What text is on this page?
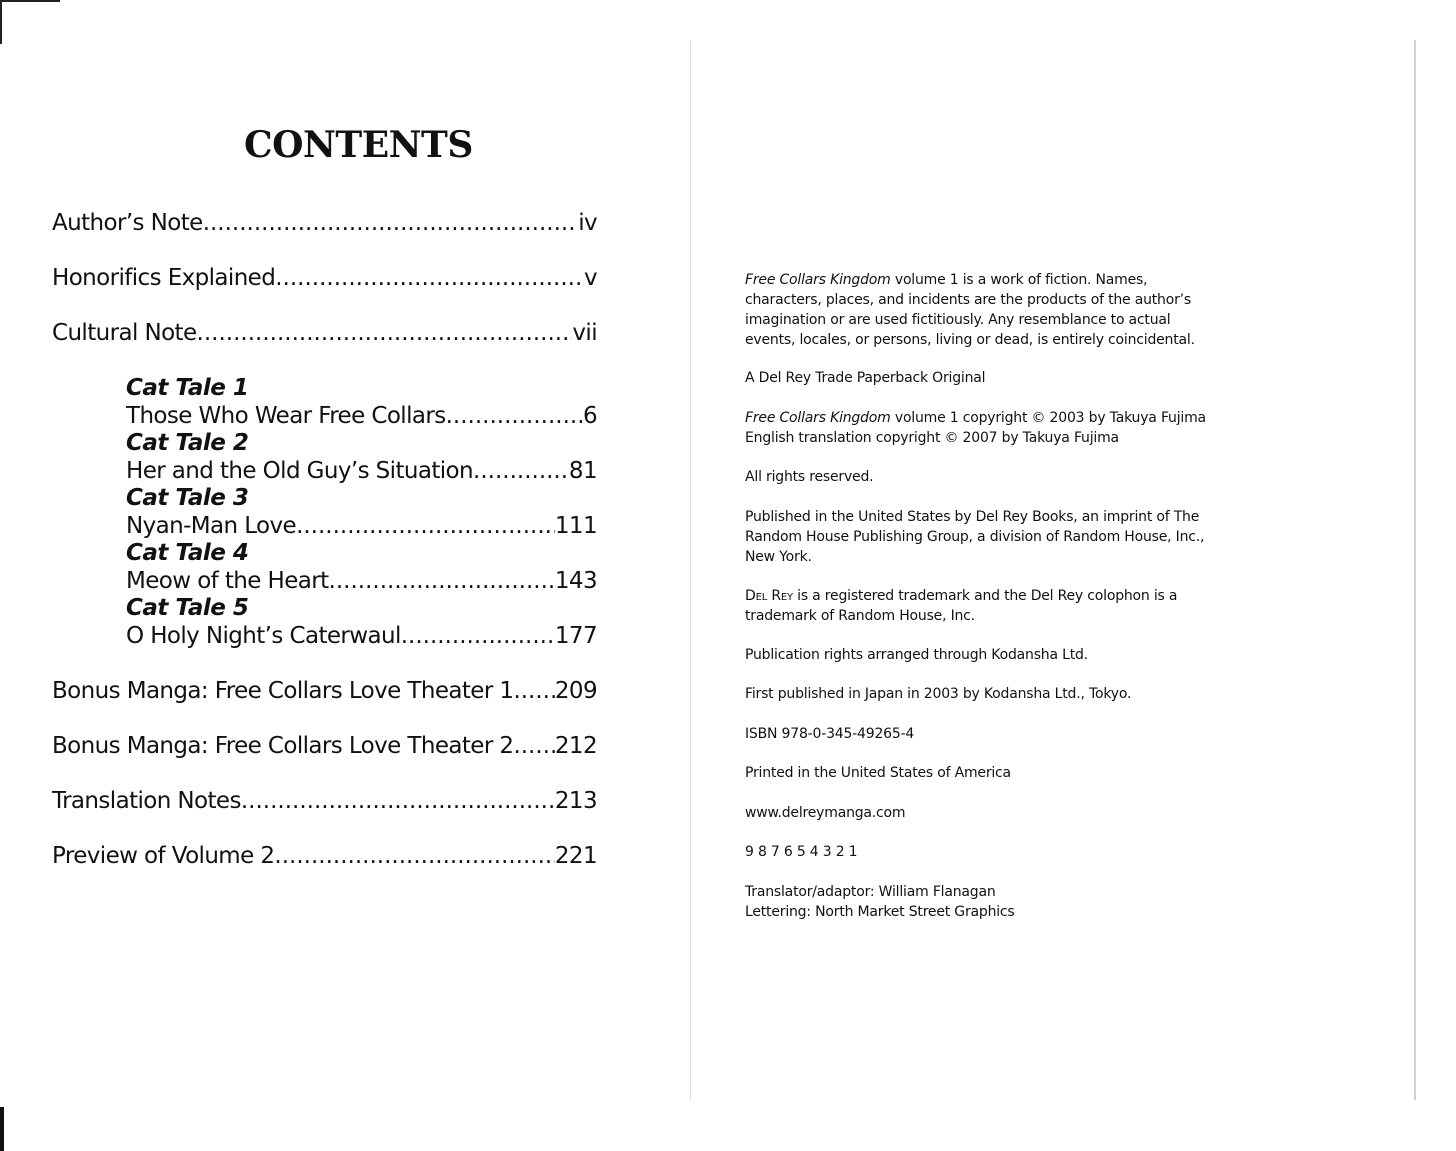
CONTENTS
Author’s Note .....	iv
Honorifics Explained .....	v
Cultural Note .....	vii
Cat Tale 1
Those Who Wear Free Collars .....	6
Cat Tale 2
Her and the Old Guy’s Situation .....	81
Cat Tale 3
Nyan-Man Love .....	111
Cat Tale 4
Meow of the Heart .....	143
Cat Tale 5
O Holy Night’s Caterwaul .....	177
Bonus Manga: Free Collars Love Theater 1 ..... 209
Bonus Manga: Free Collars Love Theater 2 ..... 212
Translation Notes .....	213
Preview of Volume 2 .....	221
Free Collars Kingdom volume 1 is a work of fiction. Names,
characters, places, and incidents are the products of the author’s
imagination or are used fictitiously. Any resemblance to actual
events, locales, or persons, living or dead, is entirely coincidental.
A Del Rey Trade Paperback Original
Free Collars Kingdom volume 1 copyright © 2003 by Takuya Fujima
English translation copyright © 2007 by Takuya Fujima
All rights reserved.
Published in the United States by Del Rey Books, an imprint of The
Random House Publishing Group, a division of Random House, Inc.,
New York.
Del Rey is a registered trademark and the Del Rey colophon is a
trademark of Random House, Inc.
Publication rights arranged through Kodansha Ltd.
First published in Japan in 2003 by Kodansha Ltd., Tokyo.
ISBN 978-0-345-49265-4
Printed in the United States of America
www.delreymanga.com
9 8 7 6 5 4 3 2 1
Translator/adaptor: William Flanagan
Lettering: North Market Street Graphics
